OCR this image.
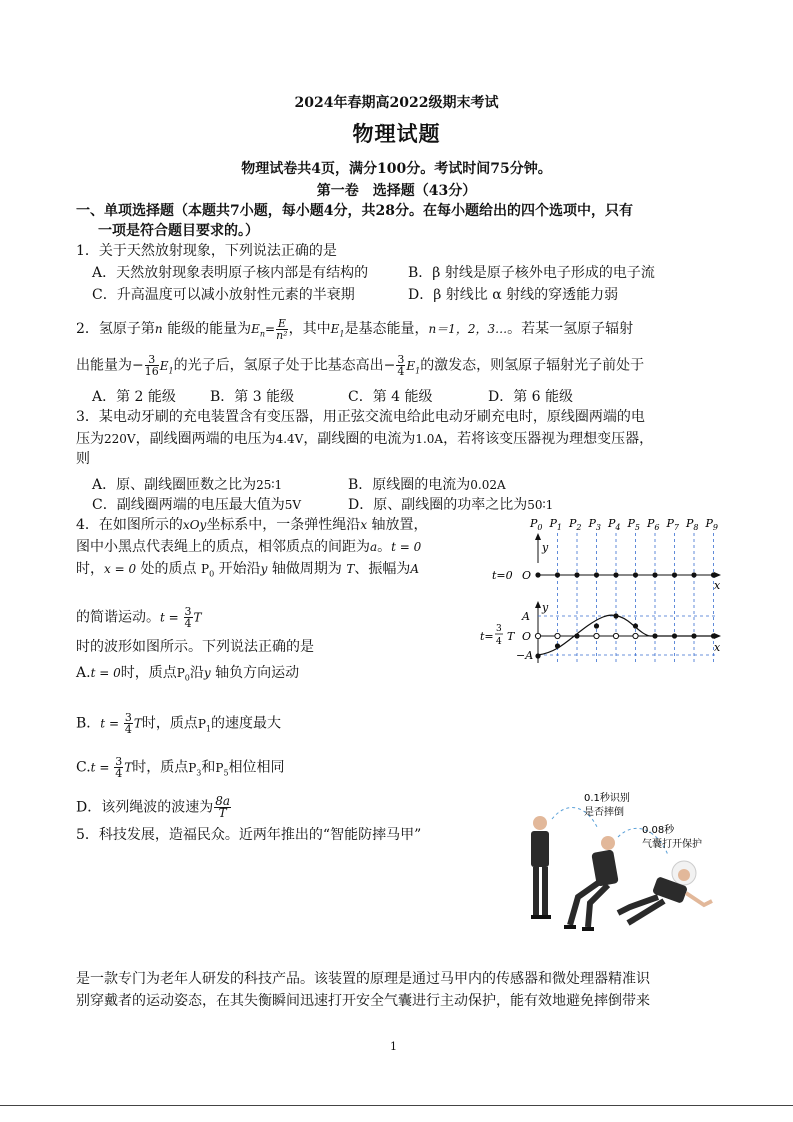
2024年春期高2022级期末考试
物理试题
物理试卷共4页，满分100分。考试时间75分钟。
第一卷　选择题（43分）
一、单项选择题（本题共7小题，每小题4分，共28分。在每小题给出的四个选项中，只有
一项是符合题目要求的。）
1．关于天然放射现象，下列说法正确的是
A．天然放射现象表明原子核内部是有结构的	B．β 射线是原子核外电子形成的电子流
C．升高温度可以减小放射性元素的半衰期	D．β 射线比 α 射线的穿透能力弱
2．氢原子第n 能级的能量为$E_n= \frac{E}{\text{n²}}$ ，其中$E_1$是基态能量，n＝1，2，3…。若某一氢原子辐射
出能量为− $\frac{3}{16} E_1$的光子后，氢原子处于比基态高出− $\frac{3}{4} E_1$的激发态，则氢原子辐射光子前处于
A．第 2 能级 B．第 3 能级	C．第 4 能级	D．第 6 能级
3．某电动牙刷的充电装置含有变压器，用正弦交流电给此电动牙刷充电时，原线圈两端的电
压为220V，副线圈两端的电压为4.4V，副线圈的电流为1.0A，若将该变压器视为理想变压器，
则
A．原、副线圈匝数之比为25∶1	B．原线圈的电流为0.02A
C．副线圈两端的电压最大值为5V	D．原、副线圈的功率之比为50∶1
4．在如图所示的xOy坐标系中，一条弹性绳沿x 轴放置，
图中小黑点代表绳上的质点，相邻质点的间距为a。t = 0
时，x = 0 处的质点 $P_0$ 开始沿y 轴做周期为 T、振幅为A
的简谐运动。$t = \frac{3}{4}$ T
时的波形如图所示。下列说法正确的是
A.t = 0时，质点$P_0$沿y 轴负方向运动
B．$t = \frac{3}{4}$ T时，质点$P_1$的速度最大
$C.t = \frac{3}{4}$ T时，质点$P_3$和$P_5$相位相同
D．该列绳波的波速为 $\frac{8a}{T}$
$P_0$ $P_1$ $P_2$ $P_3$ $P_4$ $P_5$ $P_6$ $P_7$ $P_8$ $P_9$
y
x
t=0 O
y
x
A
−A
O
t=
3
4 T
5．科技发展，造福民众。近两年推出的“智能防摔马甲”
是一款专门为老年人研发的科技产品。该装置的原理是通过马甲内的传感器和微处理器精准识
别穿戴者的运动姿态，在其失衡瞬间迅速打开安全气囊进行主动保护，能有效地避免摔倒带来
0.1秒识别
是否摔倒
0.08秒
气囊打开保护
1
